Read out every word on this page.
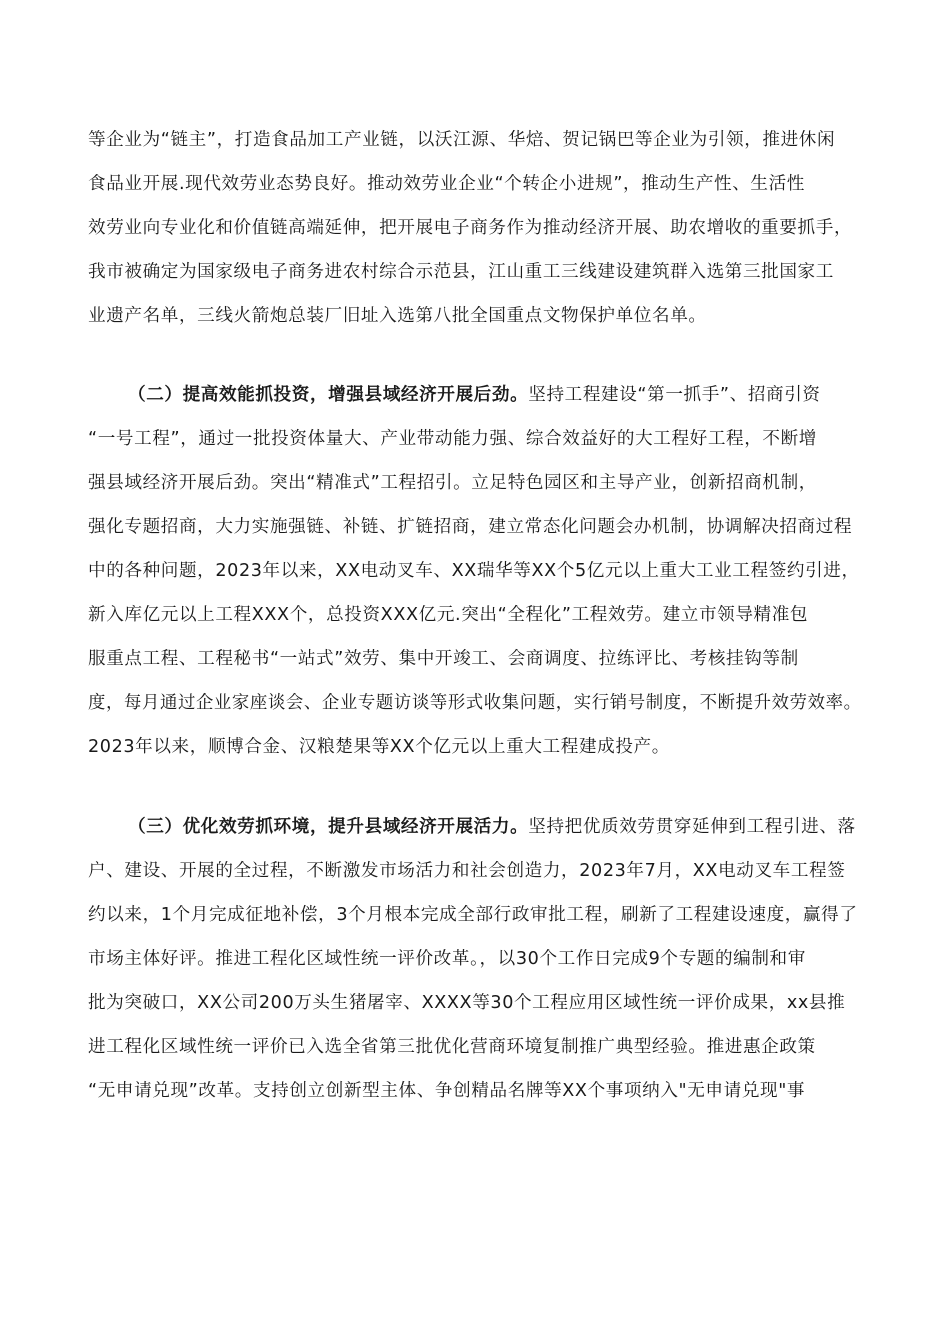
等企业为“链主”，打造食品加工产业链，以沃江源、华焙、贺记锅巴等企业为引领，推进休闲
食品业开展.现代效劳业态势良好。推动效劳业企业“个转企小进规”，推动生产性、生活性
效劳业向专业化和价值链高端延伸，把开展电子商务作为推动经济开展、助农增收的重要抓手，
我市被确定为国家级电子商务进农村综合示范县，江山重工三线建设建筑群入选第三批国家工
业遗产名单，三线火箭炮总装厂旧址入选第八批全国重点文物保护单位名单。
（二）提高效能抓投资，增强县域经济开展后劲。坚持工程建设“第一抓手”、招商引资
“一号工程”，通过一批投资体量大、产业带动能力强、综合效益好的大工程好工程，不断增
强县域经济开展后劲。突出“精准式”工程招引。立足特色园区和主导产业，创新招商机制，
强化专题招商，大力实施强链、补链、扩链招商，建立常态化问题会办机制，协调解决招商过程
中的各种问题，2023年以来，XX电动叉车、XX瑞华等XX个5亿元以上重大工业工程签约引进，
新入库亿元以上工程XXX个，总投资XXX亿元.突出“全程化”工程效劳。建立市领导精准包
服重点工程、工程秘书“一站式”效劳、集中开竣工、会商调度、拉练评比、考核挂钩等制
度，每月通过企业家座谈会、企业专题访谈等形式收集问题，实行销号制度，不断提升效劳效率。
2023年以来，顺博合金、汉粮楚果等XX个亿元以上重大工程建成投产。
（三）优化效劳抓环境，提升县域经济开展活力。坚持把优质效劳贯穿延伸到工程引进、落
户、建设、开展的全过程，不断激发市场活力和社会创造力，2023年7月，XX电动叉车工程签
约以来，1个月完成征地补偿，3个月根本完成全部行政审批工程，刷新了工程建设速度，赢得了
市场主体好评。推进工程化区域性统一评价改革。，以30个工作日完成9个专题的编制和审
批为突破口，XX公司200万头生猪屠宰、XXXX等30个工程应用区域性统一评价成果，xx县推
进工程化区域性统一评价已入选全省第三批优化营商环境复制推广典型经验。推进惠企政策
“无申请兑现”改革。支持创立创新型主体、争创精品名牌等XX个事项纳入"无申请兑现"事
